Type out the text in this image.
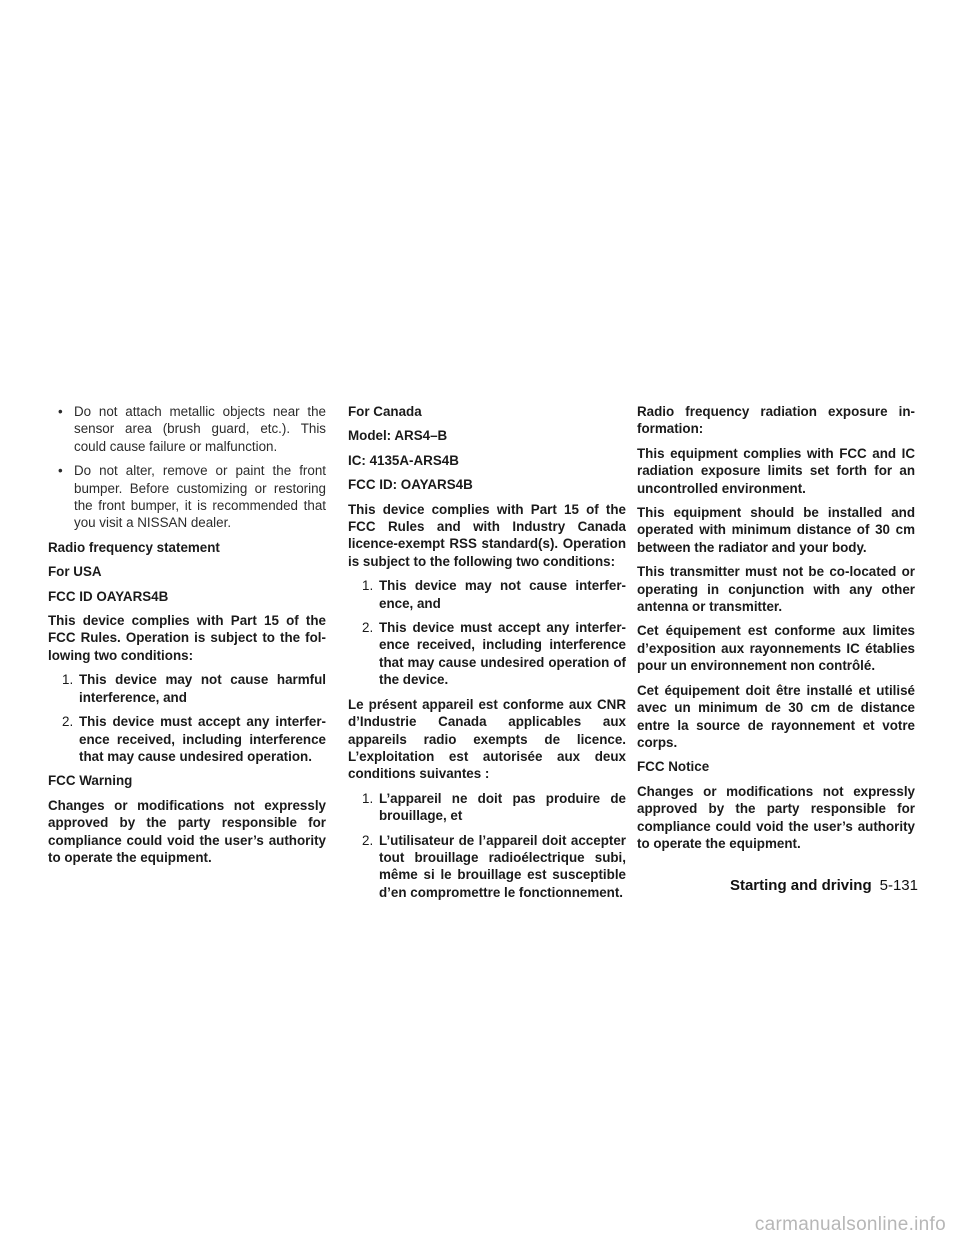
• Do not attach metallic objects near the sensor area (brush guard, etc.). This could cause failure or malfunction.
• Do not alter, remove or paint the front bumper. Before customizing or restoring the front bumper, it is recommended that you visit a NISSAN dealer.

Radio frequency statement

For USA

FCC ID OAYARS4B

This device complies with Part 15 of the FCC Rules. Operation is subject to the following two conditions:

1. This device may not cause harmful interference, and
2. This device must accept any interference received, including interference that may cause undesired operation.

FCC Warning

Changes or modifications not expressly approved by the party responsible for compliance could void the user’s authority to operate the equipment.

For Canada

Model: ARS4–B

IC: 4135A-ARS4B

FCC ID: OAYARS4B

This device complies with Part 15 of the FCC Rules and with Industry Canada licence-exempt RSS standard(s). Operation is subject to the following two conditions:

1. This device may not cause interference, and
2. This device must accept any interference received, including interference that may cause undesired operation of the device.

Le présent appareil est conforme aux CNR d’Industrie Canada applicables aux appareils radio exempts de licence. L’exploitation est autorisée aux deux conditions suivantes :

1. L’appareil ne doit pas produire de brouillage, et
2. L’utilisateur de l’appareil doit accepter tout brouillage radioélectrique subi, même si le brouillage est susceptible d’en compromettre le fonctionnement.

Radio frequency radiation exposure information:

This equipment complies with FCC and IC radiation exposure limits set forth for an uncontrolled environment.

This equipment should be installed and operated with minimum distance of 30 cm between the radiator and your body.

This transmitter must not be co-located or operating in conjunction with any other antenna or transmitter.

Cet équipement est conforme aux limites d’exposition aux rayonnements IC établies pour un environnement non contrôlé.

Cet équipement doit être installé et utilisé avec un minimum de 30 cm de distance entre la source de rayonnement et votre corps.

FCC Notice

Changes or modifications not expressly approved by the party responsible for compliance could void the user’s authority to operate the equipment.

Starting and driving 5-131
carmanualsonline.info
